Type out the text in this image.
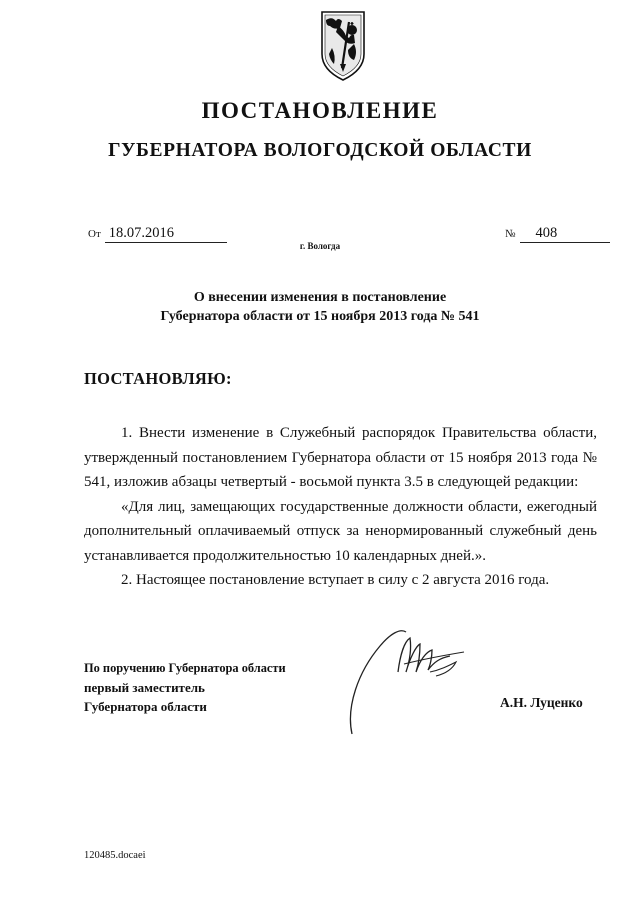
ПОСТАНОВЛЕНИЕ
ГУБЕРНАТОРА ВОЛОГОДСКОЙ ОБЛАСТИ
От 18.07.2016	№ 408
г. Вологда
О внесении изменения в постановление
Губернатора области от 15 ноября 2013 года № 541
ПОСТАНОВЛЯЮ:

1. Внести изменение в Служебный распорядок Правительства области, утвержденный постановлением Губернатора области от 15 ноября 2013 года № 541, изложив абзацы четвертый - восьмой пункта 3.5 в следующей редакции:

«Для лиц, замещающих государственные должности области, ежегодный дополнительный оплачиваемый отпуск за ненормированный служебный день устанавливается продолжительностью 10 календарных дней.».

2. Настоящее постановление вступает в силу с 2 августа 2016 года.

По поручению Губернатора области
первый заместитель
Губернатора области	А.Н. Луценко
120485.docaei
